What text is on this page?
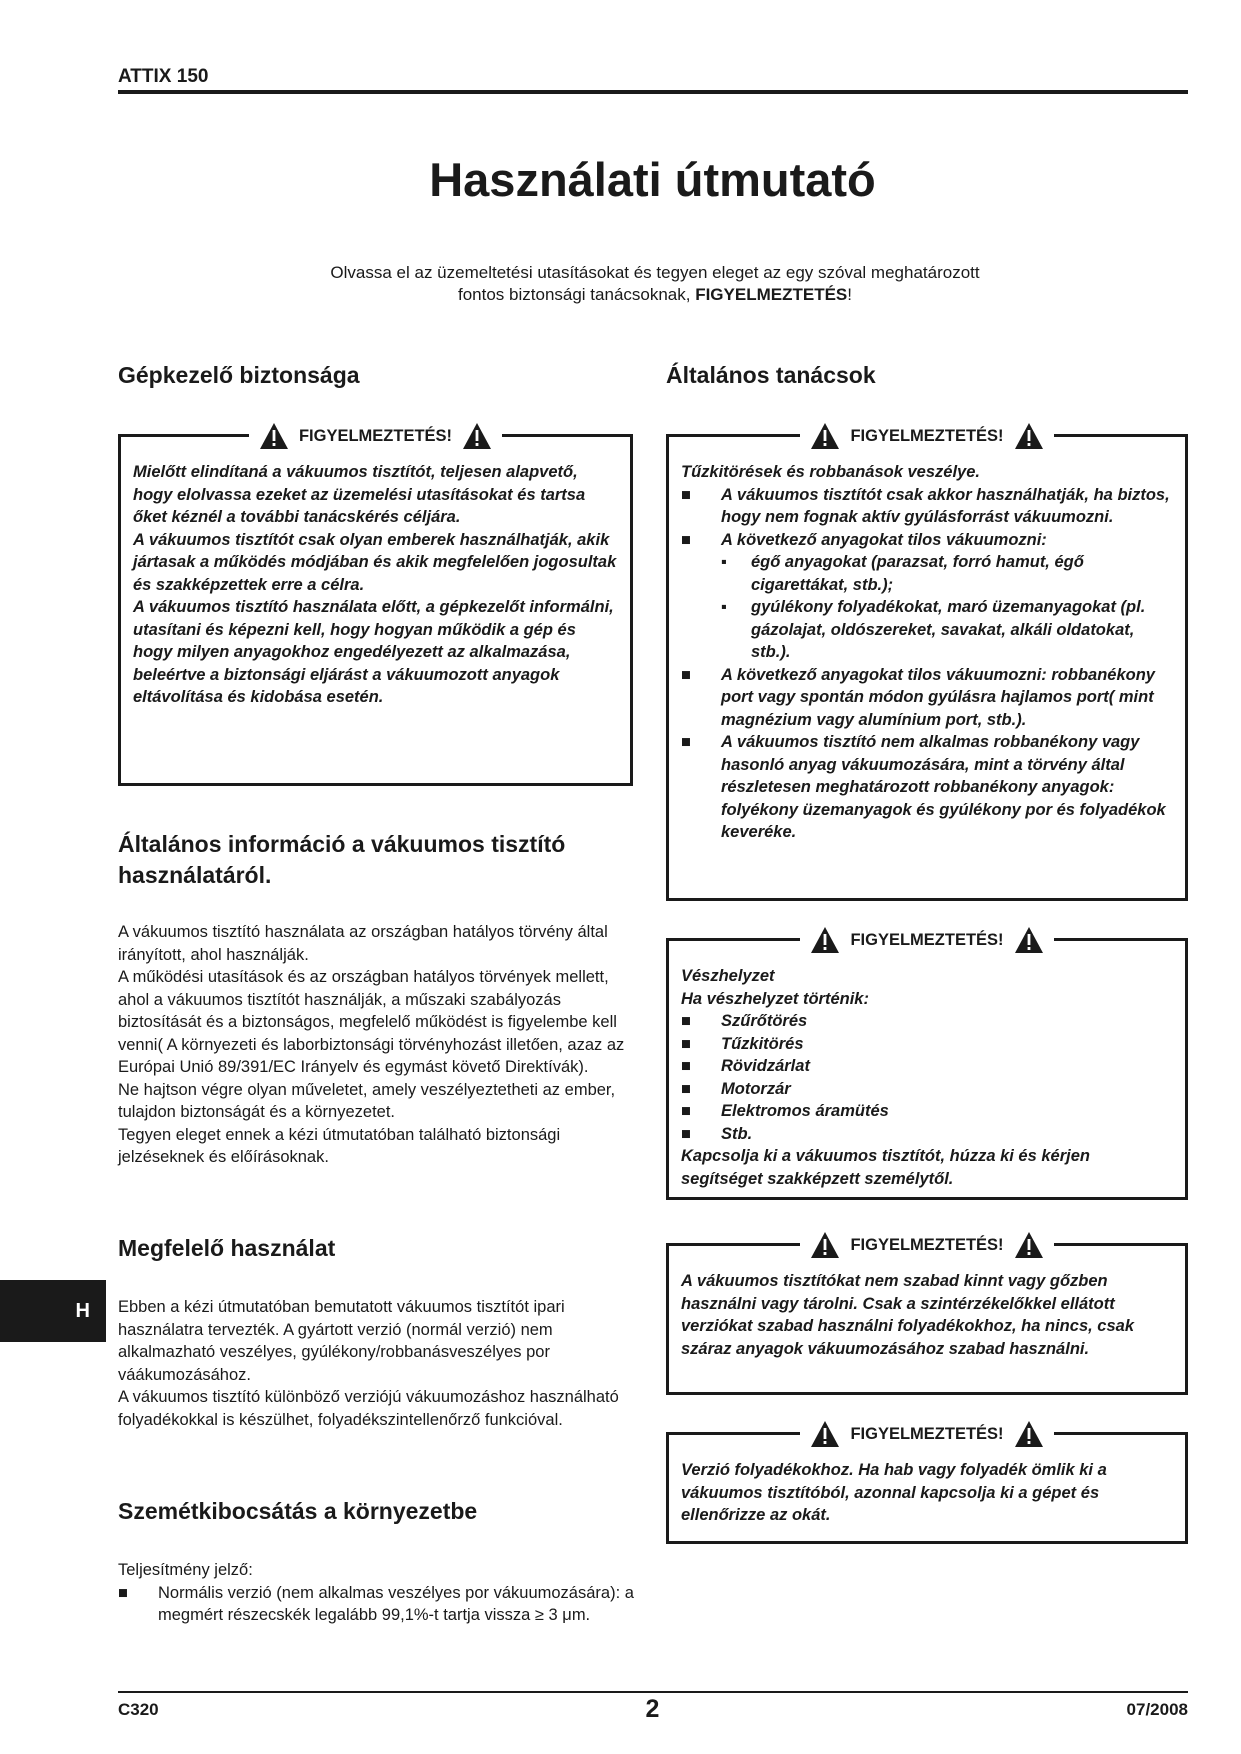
ATTIX 150
Használati útmutató
Olvassa el az üzemeltetési utasításokat és tegyen eleget az egy szóval meghatározott
fontos biztonsági tanácsoknak, FIGYELMEZTETÉS!
Gépkezelő biztonsága
FIGYELMEZTETÉS!

Mielőtt elindítaná a vákuumos tisztítót, teljesen alapvető, hogy elolvassa ezeket az üzemelési utasításokat és tartsa őket kéznél a további tanácskérés céljára.

A vákuumos tisztítót csak olyan emberek használhatják, akik jártasak a működés módjában és akik megfelelően jogosultak és szakképzettek erre a célra.

A vákuumos tisztító használata előtt, a gépkezelőt informálni, utasítani és képezni kell, hogy hogyan működik a gép és hogy milyen anyagokhoz engedélyezett az alkalmazása, beleértve a biztonsági eljárást a vákuumozott anyagok eltávolítása és kidobása esetén.

Általános információ a vákuumos tisztító
használatáról.

A vákuumos tisztító használata az országban hatályos törvény által irányított, ahol használják.

A működési utasítások és az országban hatályos törvények mellett, ahol a vákuumos tisztítót használják, a műszaki szabályozás biztosítását és a biztonságos, megfelelő működést is figyelembe kell venni( A környezeti és laborbiztonsági törvényhozást illetően, azaz az Európai Unió 89/391/EC Irányelv és egymást követő Direktívák).

Ne hajtson végre olyan műveletet, amely veszélyeztetheti az ember, tulajdon biztonságát és a környezetet.

Tegyen eleget ennek a kézi útmutatóban található biztonsági jelzéseknek és előírásoknak.

Megfelelő használat

Ebben a kézi útmutatóban bemutatott vákuumos tisztítót ipari használatra tervezték. A gyártott verzió (normál verzió) nem alkalmazható veszélyes, gyúlékony/robbanásveszélyes por váákumozásához.

A vákuumos tisztító különböző verziójú vákuumozáshoz használható folyadékokkal is készülhet, folyadékszintellenőrző funkcióval.

Szemétkibocsátás a környezetbe

Teljesítmény jelző:

■	Normális verzió (nem alkalmas veszélyes por vákuumozására): a megmért részecskék legalább 99,1%-t tartja vissza ≥ 3 μm.
Általános tanácsok
FIGYELMEZTETÉS!

Tűzkitörések és robbanások veszélye.

■	A vákuumos tisztítót csak akkor használhatják, ha biztos, hogy nem fognak aktív gyúlásforrást vákuumozni.
■	A következő anyagokat tilos vákuumozni:
▪	égő anyagokat (parazsat, forró hamut, égő cigarettákat, stb.);
▪	gyúlékony folyadékokat, maró üzemanyagokat (pl. gázolajat, oldószereket, savakat, alkáli oldatokat, stb.).
■	A következő anyagokat tilos vákuumozni: robbanékony port vagy spontán módon gyúlásra hajlamos port( mint magnézium vagy alumínium port, stb.).
■	A vákuumos tisztító nem alkalmas robbanékony vagy hasonló anyag vákuumozására, mint a törvény által részletesen meghatározott robbanékony anyagok: folyékony üzemanyagok és gyúlékony por és folyadékok keveréke.
FIGYELMEZTETÉS!

Vészhelyzet

Ha vészhelyzet történik:

■	Szűrőtörés
■	Tűzkitörés
■	Rövidzárlat
■	Motorzár
■	Elektromos áramütés
■	Stb.

Kapcsolja ki a vákuumos tisztítót, húzza ki és kérjen segítséget szakképzett személytől.

FIGYELMEZTETÉS!

A vákuumos tisztítókat nem szabad kinnt vagy gőzben használni vagy tárolni. Csak a szintérzékelőkkel ellátott verziókat szabad használni folyadékokhoz, ha nincs, csak száraz anyagok vákuumozásához szabad használni.

FIGYELMEZTETÉS!

Verzió folyadékokhoz. Ha hab vagy folyadék ömlik ki a vákuumos tisztítóból, azonnal kapcsolja ki a gépet és ellenőrizze az okát.

H
C320	2	07/2008
